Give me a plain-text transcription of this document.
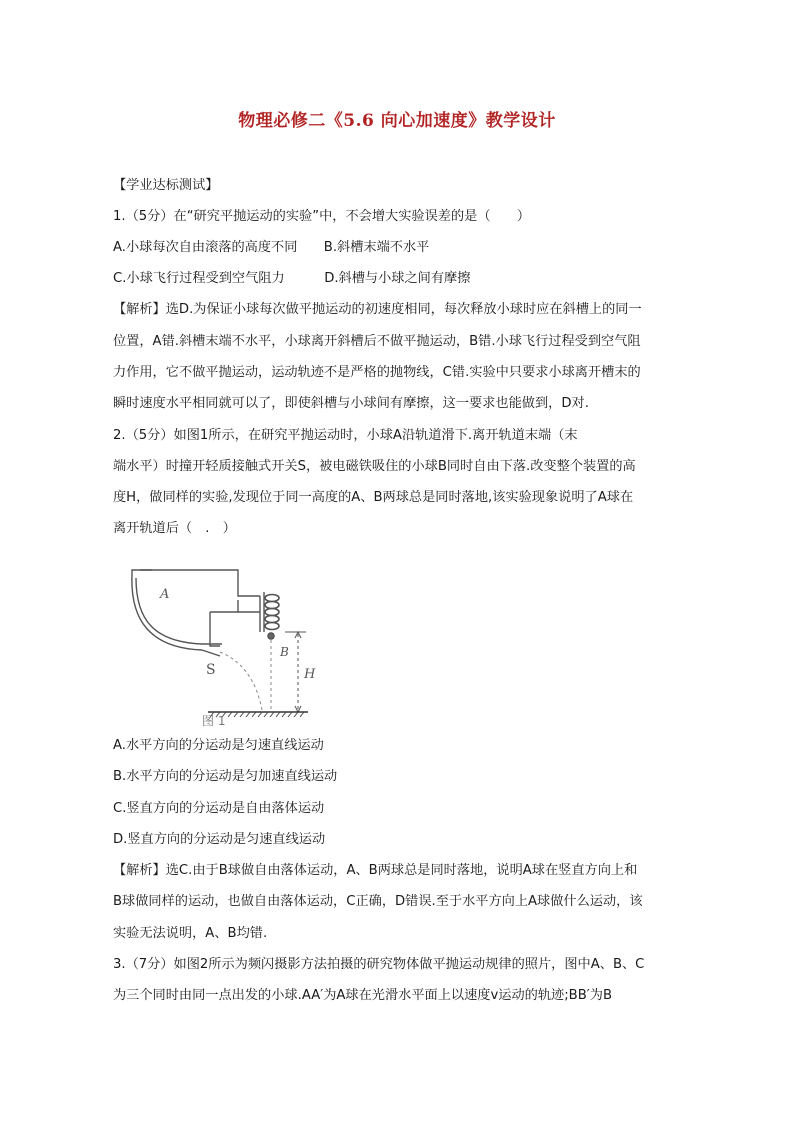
物理必修二《5.6 向心加速度》教学设计
【学业达标测试】
1.（5分）在“研究平抛运动的实验”中，不会增大实验误差的是（　　）
A.小球每次自由滚落的高度不同　　B.斜槽末端不水平
C.小球飞行过程受到空气阻力　　　D.斜槽与小球之间有摩擦
【解析】选D.为保证小球每次做平抛运动的初速度相同，每次释放小球时应在斜槽上的同一
位置，A错.斜槽末端不水平，小球离开斜槽后不做平抛运动，B错.小球飞行过程受到空气阻
力作用，它不做平抛运动，运动轨迹不是严格的抛物线，C错.实验中只要求小球离开槽末的
瞬时速度水平相同就可以了，即使斜槽与小球间有摩擦，这一要求也能做到，D对.
2.（5分）如图1所示，在研究平抛运动时，小球A沿轨道滑下.离开轨道末端（末
端水平）时撞开轻质接触式开关S，被电磁铁吸住的小球B同时自由下落.改变整个装置的高
度H，做同样的实验,发现位于同一高度的A、B两球总是同时落地,该实验现象说明了A球在
离开轨道后（　.　）
A
S
B
H
图 1
A.水平方向的分运动是匀速直线运动
B.水平方向的分运动是匀加速直线运动
C.竖直方向的分运动是自由落体运动
D.竖直方向的分运动是匀速直线运动
【解析】选C.由于B球做自由落体运动，A、B两球总是同时落地，说明A球在竖直方向上和
B球做同样的运动，也做自由落体运动，C正确，D错误.至于水平方向上A球做什么运动，该
实验无法说明，A、B均错.
3.（7分）如图2所示为频闪摄影方法拍摄的研究物体做平抛运动规律的照片，图中A、B、C
为三个同时由同一点出发的小球.AA′为A球在光滑水平面上以速度v运动的轨迹;BB′为B
